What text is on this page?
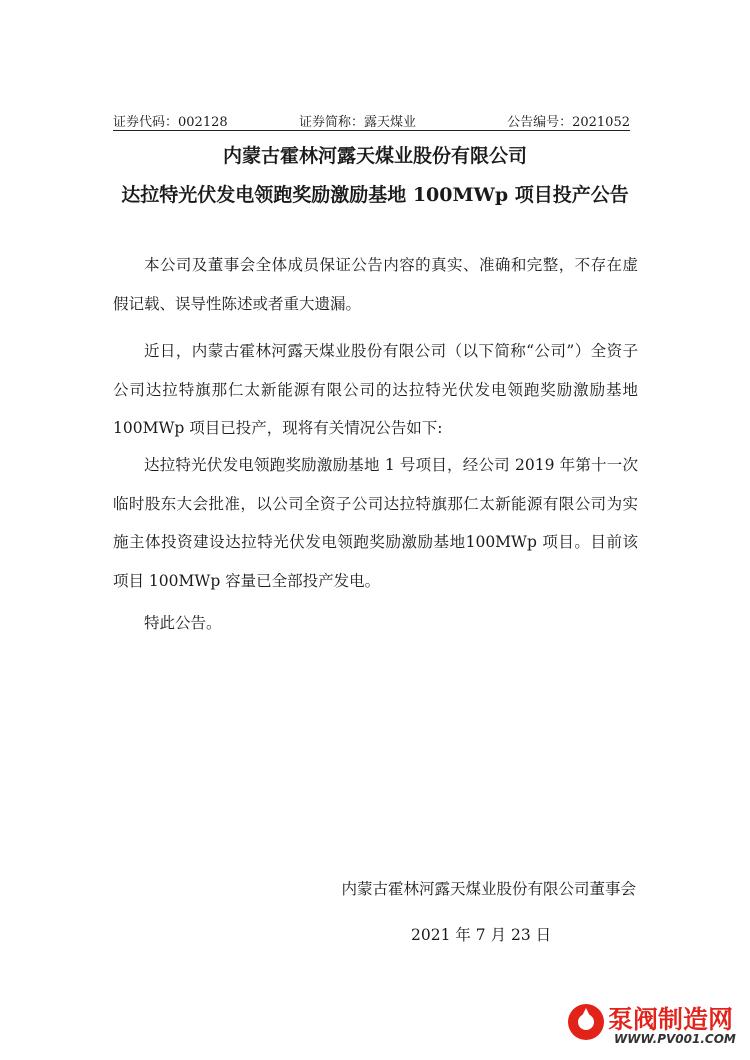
证券代码：002128	证券简称：露天煤业	公告编号：2021052
内蒙古霍林河露天煤业股份有限公司
达拉特光伏发电领跑奖励激励基地 100MWp 项目投产公告
本公司及董事会全体成员保证公告内容的真实、准确和完整，不存在虚假记载、误导性陈述或者重大遗漏。
近日，内蒙古霍林河露天煤业股份有限公司（以下简称“公司”）全资子公司达拉特旗那仁太新能源有限公司的达拉特光伏发电领跑奖励激励基地 100MWp 项目已投产，现将有关情况公告如下:
达拉特光伏发电领跑奖励激励基地 1 号项目，经公司 2019 年第十一次临时股东大会批准，以公司全资子公司达拉特旗那仁太新能源有限公司为实施主体投资建设达拉特光伏发电领跑奖励激励基地100MWp 项目。目前该项目 100MWp 容量已全部投产发电。
特此公告。
内蒙古霍林河露天煤业股份有限公司董事会
2021 年 7 月 23 日
泵阀制造网
WWW.PV001.COM
